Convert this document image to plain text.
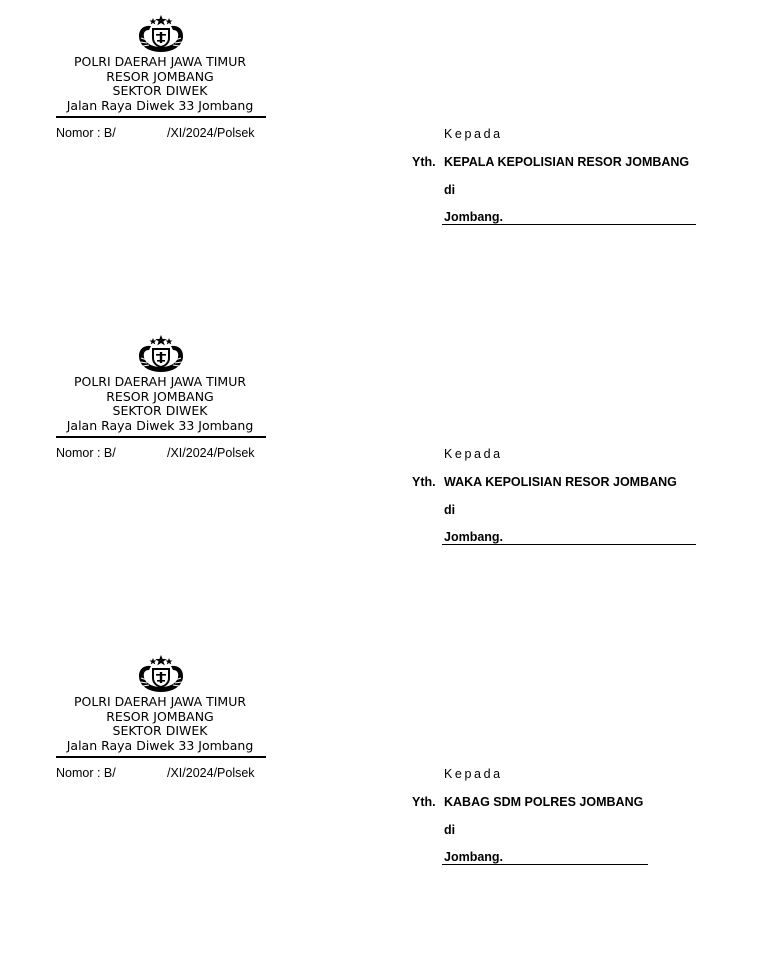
POLRI DAERAH JAWA TIMUR
RESOR JOMBANG
SEKTOR DIWEK
Jalan Raya Diwek 33 Jombang
Nomor : B/	/XI/2024/Polsek	Kepada
Yth. KEPALA KEPOLISIAN RESOR JOMBANG
di
Jombang.
POLRI DAERAH JAWA TIMUR
RESOR JOMBANG
SEKTOR DIWEK
Jalan Raya Diwek 33 Jombang
Nomor : B/	/XI/2024/Polsek	Kepada
Yth. WAKA KEPOLISIAN RESOR JOMBANG
di
Jombang.
POLRI DAERAH JAWA TIMUR
RESOR JOMBANG
SEKTOR DIWEK
Jalan Raya Diwek 33 Jombang
Nomor : B/	/XI/2024/Polsek	Kepada
Yth. KABAG SDM POLRES JOMBANG
di
Jombang.
